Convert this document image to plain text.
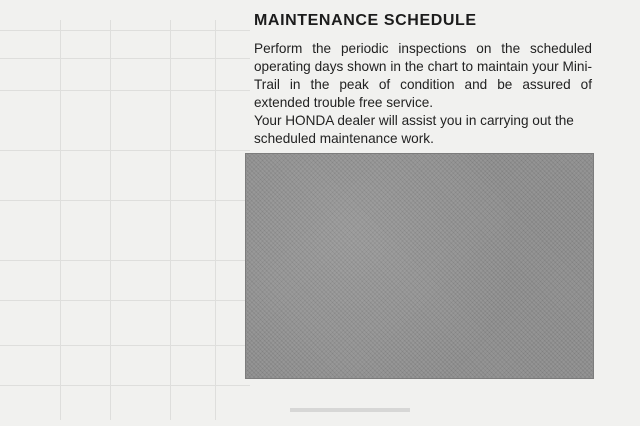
MAINTENANCE SCHEDULE

Perform the periodic inspections on the scheduled operating days shown in the chart to maintain your Mini-Trail in the peak of condition and be assured of extended trouble free service.

Your HONDA dealer will assist you in carrying out the scheduled maintenance work.
